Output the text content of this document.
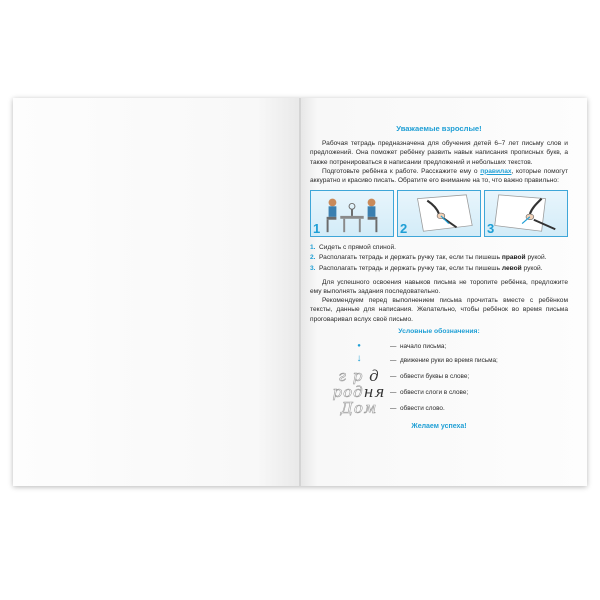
Уважаемые взрослые!

Рабочая тетрадь предназначена для обучения детей 6–7 лет письму слов и предложений. Она поможет ребёнку развить навык написания прописных букв, а также потренироваться в написании предложений и небольших текстов.

Подготовьте ребёнка к работе. Расскажите ему о правилах, которые помогут аккуратно и красиво писать. Обратите его внимание на то, что важно правильно:

1	2	3
1. Сидеть с прямой спиной.
2. Располагать тетрадь и держать ручку так, если ты пишешь правой рукой.
3. Располагать тетрадь и держать ручку так, если ты пишешь левой рукой.

Для успешного освоения навыков письма не торопите ребёнка, предложите ему выполнять задания последовательно.

Рекомендуем перед выполнением письма прочитать вместе с ребёнком тексты, данные для написания. Желательно, чтобы ребёнок во время письма проговаривал вслух своё письмо.

Условные обозначения:
●	— начало письма;
↓	— движение руки во время письма;
г р д	— обвести буквы в слове;
родня — обвести слоги в слове;
Дом	— обвести слово.
Желаем успеха!
